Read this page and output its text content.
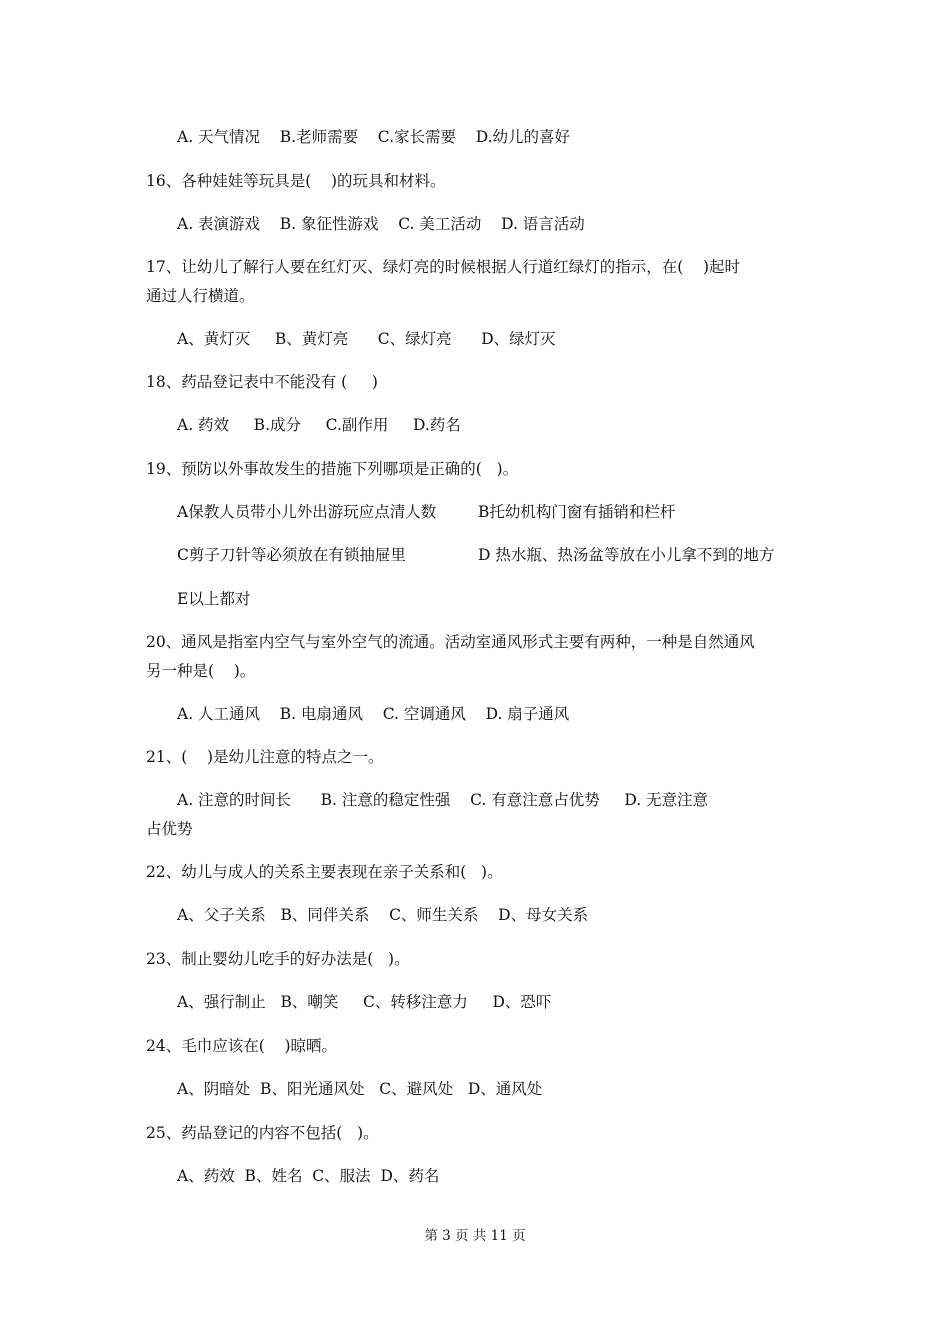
A. 天气情况    B.老师需要    C.家长需要    D.幼儿的喜好
16、各种娃娃等玩具是(    )的玩具和材料。
A. 表演游戏    B. 象征性游戏    C. 美工活动    D. 语言活动
17、让幼儿了解行人要在红灯灭、绿灯亮的时候根据人行道红绿灯的指示，在(    )起时
通过人行横道。
A、黄灯灭     B、黄灯亮      C、绿灯亮      D、绿灯灭
18、药品登记表中不能没有 (     )
A. 药效     B.成分     C.副作用     D.药名
19、预防以外事故发生的措施下列哪项是正确的(   )。
A保教人员带小儿外出游玩应点清人数	B托幼机构门窗有插销和栏杆
C剪子刀针等必须放在有锁抽屉里	D 热水瓶、热汤盆等放在小儿拿不到的地方
E以上都对
20、通风是指室内空气与室外空气的流通。活动室通风形式主要有两种，一种是自然通风
另一种是(    )。
A. 人工通风    B. 电扇通风    C. 空调通风    D. 扇子通风
21、(    )是幼儿注意的特点之一。
A. 注意的时间长      B. 注意的稳定性强    C. 有意注意占优势     D. 无意注意
占优势
22、幼儿与成人的关系主要表现在亲子关系和(   )。
A、父子关系   B、同伴关系    C、师生关系    D、母女关系
23、制止婴幼儿吃手的好办法是(   )。
A、强行制止   B、嘲笑     C、转移注意力     D、恐吓
24、毛巾应该在(    )晾晒。
A、阴暗处  B、阳光通风处   C、避风处   D、通风处
25、药品登记的内容不包括(   )。
A、药效  B、姓名  C、服法  D、药名
第 3 页 共 11 页
